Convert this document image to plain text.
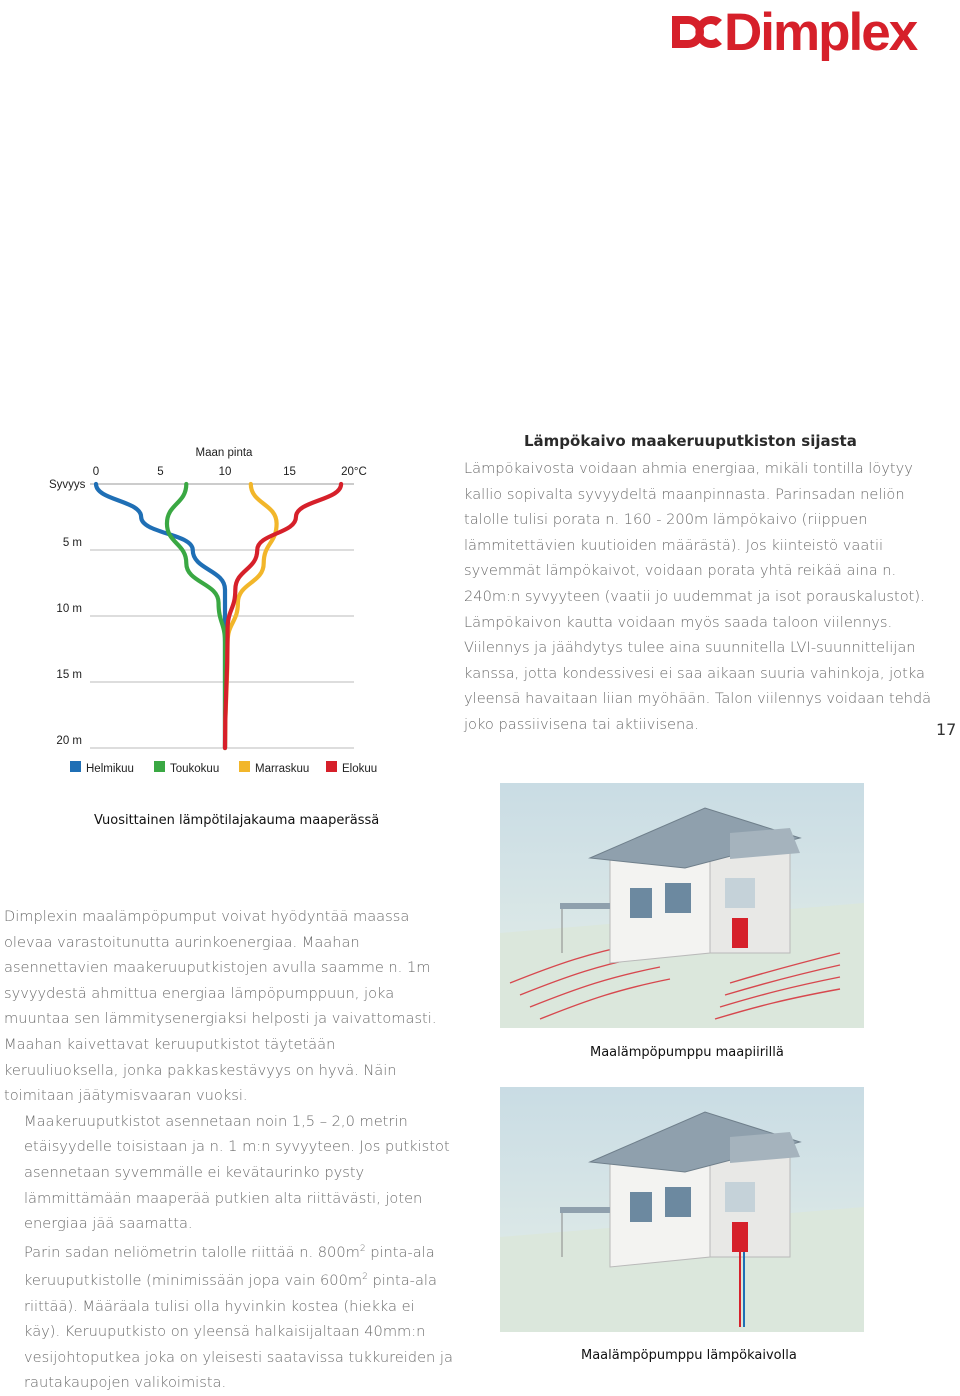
Dimplex
Maan pinta
0	5	10	15	20°C
5 m
10 m
15 m
20 m
Syvyys
Helmikuu	Toukokuu	Marraskuu	Elokuu
Vuosittainen lämpötilajakauma maaperässä
Lämpökaivo maakeruuputkiston sijasta
Lämpökaivosta voidaan ahmia energiaa, mikäli tontilla löytyy kallio sopivalta syvyydeltä maanpinnasta. Parinsadan neliön talolle tulisi porata n. 160 - 200m lämpökaivo (riippuen lämmitettävien kuutioiden määrästä). Jos kiinteistö vaatii syvemmät lämpökaivot, voidaan porata yhtä reikää aina n. 240m:n syvyyteen (vaatii jo uudemmat ja isot porauskalustot). Lämpökaivon kautta voidaan myös saada taloon viilennys. Viilennys ja jäähdytys tulee aina suunnitella LVI-suunnittelijan kanssa, jotta kondessivesi ei saa aikaan suuria vahinkoja, jotka yleensä havaitaan liian myöhään. Talon viilennys voidaan tehdä joko passiivisena tai aktiivisena.	17

Dimplexin maalämpöpumput voivat hyödyntää maassa olevaa varastoitunutta aurinkoenergiaa. Maahan asennettavien maakeruuputkistojen avulla saamme n. 1m syvyydestä ahmittua energiaa lämpöpumppuun, joka muuntaa sen lämmitysenergiaksi helposti ja vaivattomasti. Maahan kaivettavat keruuputkistot täytetään keruuliuoksella, jonka pakkaskestävyys on hyvä. Näin toimitaan jäätymisvaaran vuoksi.

Maakeruuputkistot asennetaan noin 1,5 – 2,0 metrin etäisyydelle toisistaan ja n. 1 m:n syvyyteen. Jos putkistot asennetaan syvemmälle ei kevätaurinko pysty lämmittämään maaperää putkien alta riittävästi, joten energiaa jää saamatta.

Parin sadan neliömetrin talolle riittää n. $800m^2$ pinta-ala keruuputkistolle (minimissään jopa vain $600m^2$ pinta-ala riittää). Määräala tulisi olla hyvinkin kostea (hiekka ei käy). Keruuputkisto on yleensä halkaisijaltaan 40mm:n vesijohtoputkea joka on yleisesti saatavissa tukkureiden ja rautakaupojen valikoimista.

Maalämpöpumppu maapiirillä
Maalämpöpumppu lämpökaivolla
